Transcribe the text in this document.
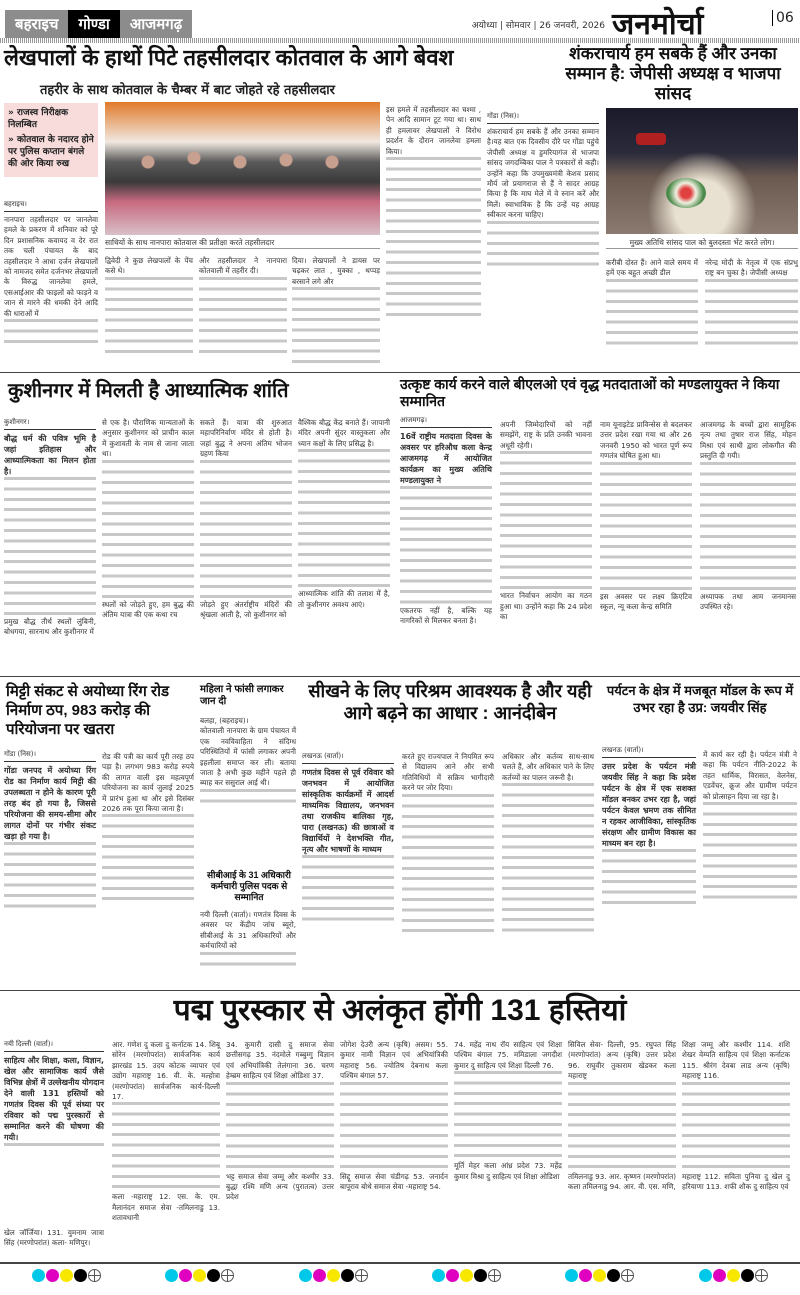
बहराइच	गोण्डा	आजमगढ़	अयोध्या | सोमवार | 26 जनवरी, 2026 जनमोर्चा	06
लेखपालों के हाथों पिटे तहसीलदार कोतवाल के आगे बेवश
तहरीर के साथ कोतवाल के चैम्बर में बाट जोहते रहे तहसीलदार
» राजस्व निरीक्षक निलम्बित
» कोतवाल के नदारद होने पर पुलिस कप्तान बंगले की ओर किया रुख
बहराइच।
नानपारा तहसीलदार पर जानलेवा हमले के प्रकरण में शनिवार को पूरे दिन प्रशासनिक कवायद व देर रात तक चली पंचायत के बाद तहसीलदार ने आधा दर्जन लेखपालों को नामजद समेत दर्जनभर लेखपालों के विरुद्ध जानलेवा हमले, एसआईआर की फाइलों को फाड़ने व जान से मारने की धमकी देने आदि की धाराओं में
साथियों के साथ नानपारा कोतवाल की प्रतीक्षा करते तहसीलदार
द्विवेदी ने कुछ लेखपालों के पेंच कसे थे।
और तहसीलदार ने नानपारा कोतवाली में तहरीर दी।
दिया। लेखपालों ने डायस पर चढ़कर लात , मुक्का , थप्पड़ बरसाने लगे और
इस हमले में तहसीलदार का चश्मा , पेन आदि सामान टूट गया था। साथ ही हमलावर लेखपालों ने विरोध प्रदर्शन के दौरान जानलेवा हमला किया।
शंकराचार्य हम सबके हैं और उनका सम्मान है: जेपीसी अध्यक्ष व भाजपा सांसद
गोंडा (निस)।
शंकराचार्य हम सबके हैं और उनका सम्मान है।यह बात एक दिवसीय दौरे पर गोंडा पहुंचे जेपीसी अध्यक्ष व डुमरियागंज से भाजपा सांसद जगदम्बिका पाल ने पत्रकारों से कही। उन्होंने कहा कि उपमुख्यमंत्री केशव प्रसाद मौर्य जो प्रयागराज से हैं ने सादर आग्रह किया है कि माघ मेले में वे स्नान करें और मिलें। स्वाभाविक है कि उन्हें यह आग्रह स्वीकार करना चाहिए।
मुख्य अतिथि सांसद पाल को बुलदस्ता भेंट करते लोग।
करीबी दोस्त हैं। आने वाले समय में हमें एक बहुत अच्छी डील
नरेन्द्र मोदी के नेतृत्व में एक संप्रभु राष्ट्र बन चुका है। जेपीसी अध्यक्ष
कुशीनगर में मिलती है आध्यात्मिक शांति
कुशीनगर।
बौद्ध धर्म की पवित्र भूमि है जहां इतिहास और आध्यात्मिकता का मिलन होता है।
प्रमुख बौद्ध तीर्थ स्थलों लुंबिनी, बोधगया, सारनाथ और कुशीनगर में
से एक है। पौराणिक मान्यताओं के अनुसार कुशीनगर को प्राचीन काल में कुशावती के नाम से जाना जाता था।
स्थलों को जोड़ते हुए, हम बुद्ध की अंतिम यात्रा की एक कथा रच
सकते हैं। यात्रा की शुरुआत महापरिनिर्वाण मंदिर से होती है। जहां बुद्ध ने अपना अंतिम भोजन ग्रहण किया
जोड़ते हुए अंतर्राष्ट्रीय मंदिरों की श्रृंखला आती है, जो कुशीनगर को
वैश्विक बौद्ध केंद्र बनाते हैं। जापानी मंदिर अपनी सुंदर वास्तुकला और ध्यान कक्षों के लिए प्रसिद्ध है।
आध्यात्मिक शांति की तलाश में है, तो कुशीनगर अवश्य आएं।
उत्कृष्ट कार्य करने वाले बीएलओ एवं वृद्ध मतदाताओं को मण्डलायुक्त ने किया सम्मानित
आजमगढ़।
16वें राष्ट्रीय मतदाता दिवस के अवसर पर हरिऔध कला केन्द्र आजमगढ़ में आयोजित कार्यक्रम का मुख्य अतिथि मण्डलायुक्त ने
एकतरफ नहीं है, बल्कि यह नागरिकों से मिलकर बनता है।
अपनी जिम्मेदारियों को नहीं समझेंगे, राष्ट्र के प्रति उनकी भावना अधूरी रहेगी।
भारत निर्वाचन आयोग का गठन हुआ था। उन्होंने कहा कि 24 प्रदेश का
नाम यूनाइटेड प्राविन्सेस से बदलकर उत्तर प्रदेश रखा गया था और 26 जनवरी 1950 को भारत पूर्ण रूप गणतंत्र घोषित हुआ था।
इस अवसर पर लक्ष्य क्रिएटिव स्कूल, न्यू कला केन्द्र समिति
आजमगढ़ के बच्चों द्वारा सामूहिक नृत्य तथा तुषार राज सिंह, मोहन मिश्रा एवं साथी द्वारा लोकगीत की प्रस्तुति दी गयी।
अध्यापक तथा आम जनमानस उपस्थित रहे।
मिट्टी संकट से अयोध्या रिंग रोड निर्माण ठप, 983 करोड़ की परियोजना पर खतरा
गोंडा (निस)।
गोंडा जनपद में अयोध्या रिंग रोड का निर्माण कार्य मिट्टी की उपलब्धता न होने के कारण पूरी तरह बंद हो गया है, जिससे परियोजना की समय-सीमा और लागत दोनों पर गंभीर संकट खड़ा हो गया है।
रोड की पत्री का कार्य पूरी तरह ठप पड़ा है। लगभग 983 करोड़ रुपये की लागत वाली इस महत्वपूर्ण परियोजना का कार्य जुलाई 2025 में प्रारंभ हुआ था और इसे दिसंबर 2026 तक पूरा किया जाना है।
महिला ने फांसी लगाकर जान दी
बलहा, (बहराइच)।
कोतवाली नानपारा के ग्राम पंचायत में एक नवविवाहिता ने संदिग्ध परिस्थितियों में फांसी लगाकर अपनी इहलीला समाप्त कर ली। बताया जाता है अभी कुछ महीने पहले ही ब्याह कर ससुराल आई थी।
सीबीआई के 31 अधिकारी कर्मचारी पुलिस पदक से सम्मानित
नयी दिल्ली (वार्ता)। गणतंत्र दिवस के अवसर पर केंद्रीय जांच ब्यूरो, सीबीआई के 31 अधिकारियों और कर्मचारियों को
सीखने के लिए परिश्रम आवश्यक है और यही आगे बढ़ने का आधार : आनंदीबेन
लखनऊ (वार्ता)।
गणतंत्र दिवस से पूर्व रविवार को जनभवन में आयोजित सांस्कृतिक कार्यक्रमों में आदर्श माध्यमिक विद्यालय, जनभवन तथा राजकीय बालिका गृह, पारा (लखनऊ) की छात्राओं व विद्यार्थियों ने देशभक्ति गीत, नृत्य और भाषणों के माध्यम
करते हुए राज्यपाल ने नियमित रूप से विद्यालय आने और सभी गतिविधियों में सक्रिय भागीदारी करने पर जोर दिया।
अधिकार और कर्तव्य साथ-साथ चलते हैं, और अधिकार पाने के लिए कर्तव्यों का पालन जरूरी है।
पर्यटन के क्षेत्र में मजबूत मॉडल के रूप में उभर रहा है उप्र: जयवीर सिंह
लखनऊ (वार्ता)।
उत्तर प्रदेश के पर्यटन मंत्री जयवीर सिंह ने कहा कि प्रदेश पर्यटन के क्षेत्र में एक सशक्त मॉडल बनकर उभर रहा है, जहां पर्यटन केवल भ्रमण तक सीमित न रहकर आजीविका, सांस्कृतिक संरक्षण और ग्रामीण विकास का माध्यम बन रहा है।
में कार्य कर रही है। पर्यटन मंत्री ने कहा कि पर्यटन नीति-2022 के तहत धार्मिक, विरासत, वेलनेस, एडवेंचर, क्रूज और ग्रामीण पर्यटन को प्रोत्साहन दिया जा रहा है।
पद्म पुरस्कार से अलंकृत होंगी 131 हस्तियां
नयी दिल्ली (वार्ता)।
साहित्य और शिक्षा, कला, विज्ञान, खेल और सामाजिक कार्य जैसे विभिन्न क्षेत्रों में उल्लेखनीय योगदान देने वाली 131 हस्तियों को गणतंत्र दिवस की पूर्व संध्या पर रविवार को पद्म पुरस्कारों से सम्मानित करने की घोषणा की गयी।
आर. गणेश दु कला दु कर्नाटक 14. शिबू सोरेन (मरणोपरांत) सार्वजनिक कार्य झारखंड 15. उदय कोटक व्यापार एवं उद्योग महाराष्ट्र 16. वी. के. मल्होत्रा (मरणोपरांत) सार्वजनिक कार्य-दिल्ली 17.
कला -महाराष्ट्र 12. एस. के. एम. मैलानंदन समाज सेवा -तमिलनाडु 13. शतावधानी
34. कुमारी दासी दु समाज सेवा छत्तीसगढ़ 35. नंदमोले गब्बुम्गु विज्ञान एवं अभियांत्रिकी तेलंगाना 36. चरण हेम्ब्रम साहित्य एवं शिक्षा ओडिशा 37.
भट्ट समाज सेवा जम्मू और कश्मीर 33. बुद्धा रश्मि मणि अन्य (पुरातत्व) उत्तर प्रदेश
जोगेश देउरी अन्य (कृषि) असम। 55. कुमार नामी विज्ञान एवं अभियांत्रिकी महाराष्ट्र 56. ज्योतिष देबनाथ कला पश्चिम बंगाल 57.
सिद्दू समाज सेवा चंडीगढ़ 53. जनार्दन बापूराव बोथे समाज सेवा -महाराष्ट्र 54.
74. महेंद्र नाथ रॉय साहित्य एवं शिक्षा पश्चिम बंगाल 75. ममिडाला जगदीश कुमार दु साहित्य एवं शिक्षा दिल्ली 76.
मूर्ति मेहर कला आंध्र प्रदेश 73. महेंद्र कुमार मिश्रा दु साहित्य एवं शिक्षा ओडिशा
सिविल सेवा- दिल्ली, 95. रघुपत सिंह (मरणोपरांत) अन्य (कृषि) उत्तर प्रदेश 96. राघुवीर तुकाराम खेडकर कला महाराष्ट्र
तमिलनाडु 93. आर. कृष्णन (मरणोपरांत) कला तमिलनाडु 94. आर. वी. एस. मणि,
शिक्षा जम्मू और कश्मीर 114. शशि शेखर वेम्पति साहित्य एवं शिक्षा कर्नाटक 115. श्रीरंग देवबा लाड अन्य (कृषि) महाराष्ट्र 116.
महाराष्ट्र 112. सविता पुनिया दु खेल दु हरियाणा 113. शफी शौक दु साहित्य एवं
खेल जॉर्जिया। 131. युमनाम जात्रा सिंह (मरणोपरांत) कला- मणिपुर।
